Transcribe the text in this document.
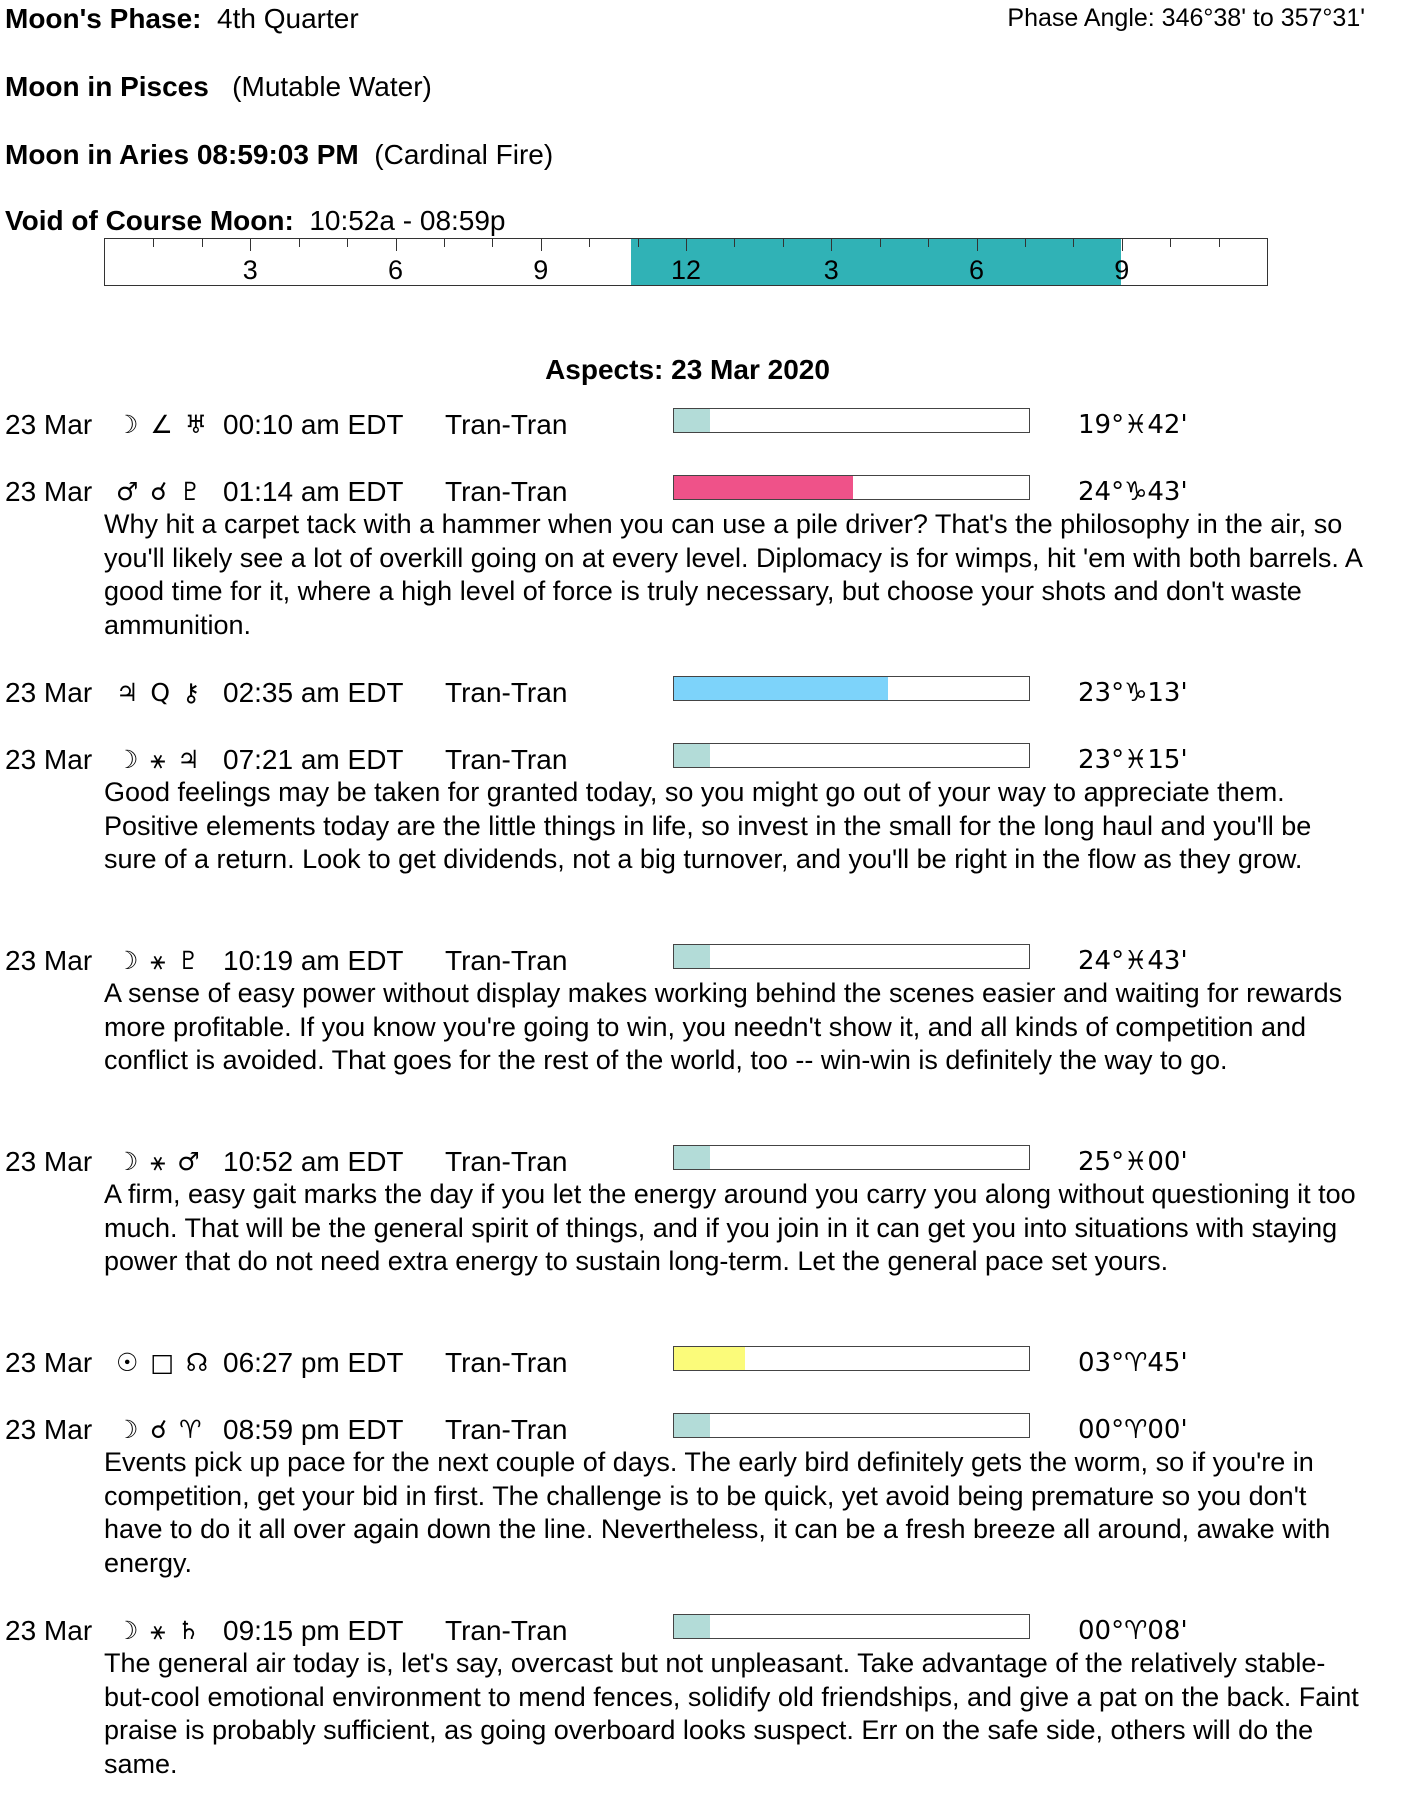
Moon's Phase: 4th Quarter	Phase Angle: 346°38' to 357°31'
Moon in Pisces (Mutable Water)
Moon in Aries 08:59:03 PM (Cardinal Fire)
Void of Course Moon: 10:52a - 08:59p
3	6	9	12	3	6	9
Aspects: 23 Mar 2020
23 Mar ☽ ∠ ♅ 00:10 am EDT Tran-Tran	19°♓42'
23 Mar ♂ ☌ ♇ 01:14 am EDT Tran-Tran	24°♑43'
Why hit a carpet tack with a hammer when you can use a pile driver? That's the philosophy in the air, so you'll likely see a lot of overkill going on at every level. Diplomacy is for wimps, hit 'em with both barrels. A good time for it, where a high level of force is truly necessary, but choose your shots and don't waste ammunition.
23 Mar ♃ Q ⚷ 02:35 am EDT Tran-Tran	23°♑13'
23 Mar ☽ ⚹ ♃ 07:21 am EDT Tran-Tran	23°♓15'
Good feelings may be taken for granted today, so you might go out of your way to appreciate them. Positive elements today are the little things in life, so invest in the small for the long haul and you'll be sure of a return. Look to get dividends, not a big turnover, and you'll be right in the flow as they grow.
23 Mar ☽ ⚹ ♇ 10:19 am EDT Tran-Tran	24°♓43'
A sense of easy power without display makes working behind the scenes easier and waiting for rewards more profitable. If you know you're going to win, you needn't show it, and all kinds of competition and conflict is avoided. That goes for the rest of the world, too -- win-win is definitely the way to go.
23 Mar ☽ ⚹ ♂ 10:52 am EDT Tran-Tran	25°♓00'
A firm, easy gait marks the day if you let the energy around you carry you along without questioning it too much. That will be the general spirit of things, and if you join in it can get you into situations with staying power that do not need extra energy to sustain long-term. Let the general pace set yours.
23 Mar ☉ □ ☊ 06:27 pm EDT Tran-Tran	03°♈45'
23 Mar ☽ ☌ ♈ 08:59 pm EDT Tran-Tran	00°♈00'
Events pick up pace for the next couple of days. The early bird definitely gets the worm, so if you're in competition, get your bid in first. The challenge is to be quick, yet avoid being premature so you don't have to do it all over again down the line. Nevertheless, it can be a fresh breeze all around, awake with energy.
23 Mar ☽ ⚹ ♄ 09:15 pm EDT Tran-Tran	00°♈08'
The general air today is, let's say, overcast but not unpleasant. Take advantage of the relatively stable-but-cool emotional environment to mend fences, solidify old friendships, and give a pat on the back. Faint praise is probably sufficient, as going overboard looks suspect. Err on the safe side, others will do the same.
